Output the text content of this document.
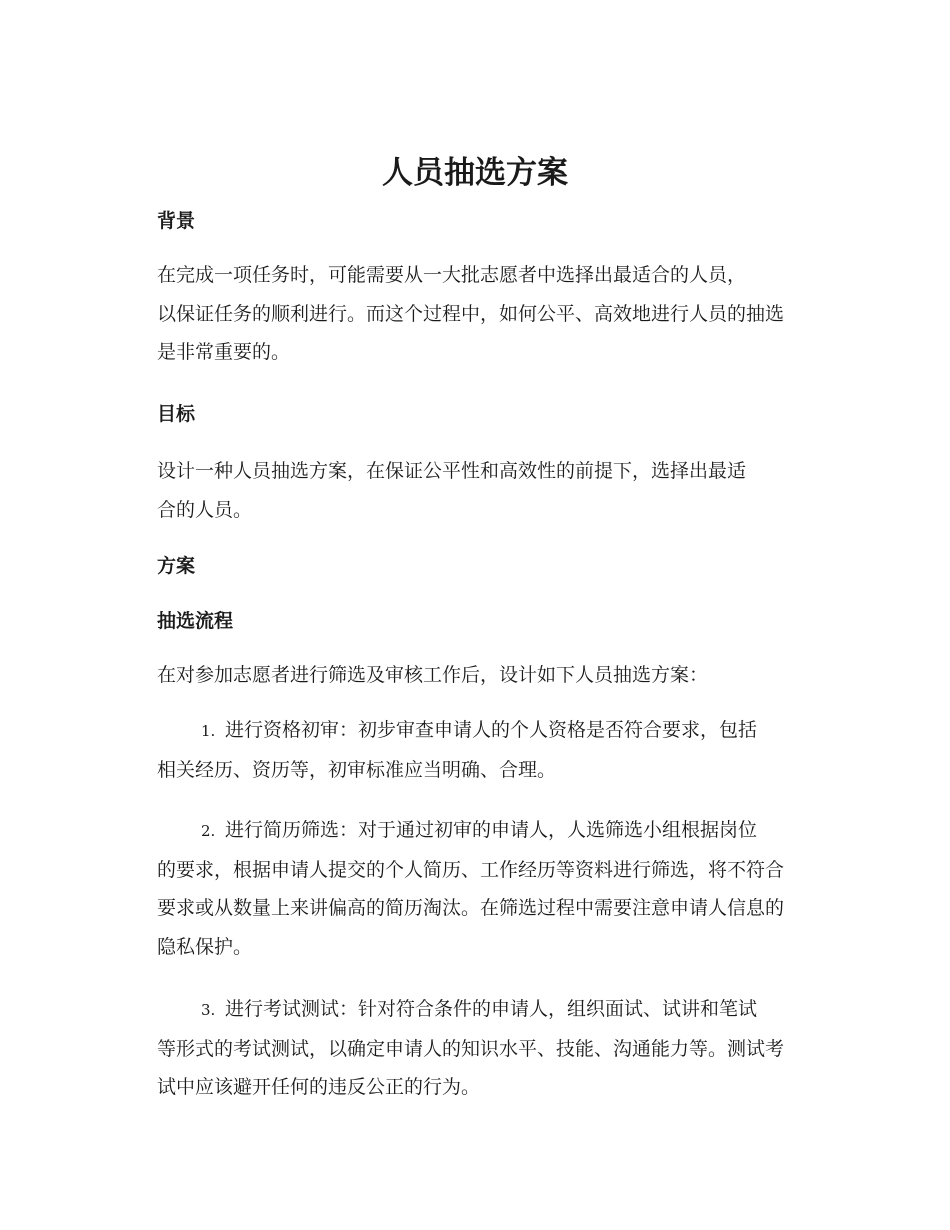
人员抽选方案
背景

在完成一项任务时，可能需要从一大批志愿者中选择出最适合的人员，
以保证任务的顺利进行。而这个过程中，如何公平、高效地进行人员的抽选
是非常重要的。

目标

设计一种人员抽选方案，在保证公平性和高效性的前提下，选择出最适
合的人员。

方案
抽选流程

在对参加志愿者进行筛选及审核工作后，设计如下人员抽选方案：

1. 进行资格初审：初步审查申请人的个人资格是否符合要求，包括
相关经历、资历等，初审标准应当明确、合理。

2. 进行简历筛选：对于通过初审的申请人，人选筛选小组根据岗位
的要求，根据申请人提交的个人简历、工作经历等资料进行筛选，将不符合
要求或从数量上来讲偏高的简历淘汰。在筛选过程中需要注意申请人信息的
隐私保护。

3. 进行考试测试：针对符合条件的申请人，组织面试、试讲和笔试
等形式的考试测试，以确定申请人的知识水平、技能、沟通能力等。测试考
试中应该避开任何的违反公正的行为。
